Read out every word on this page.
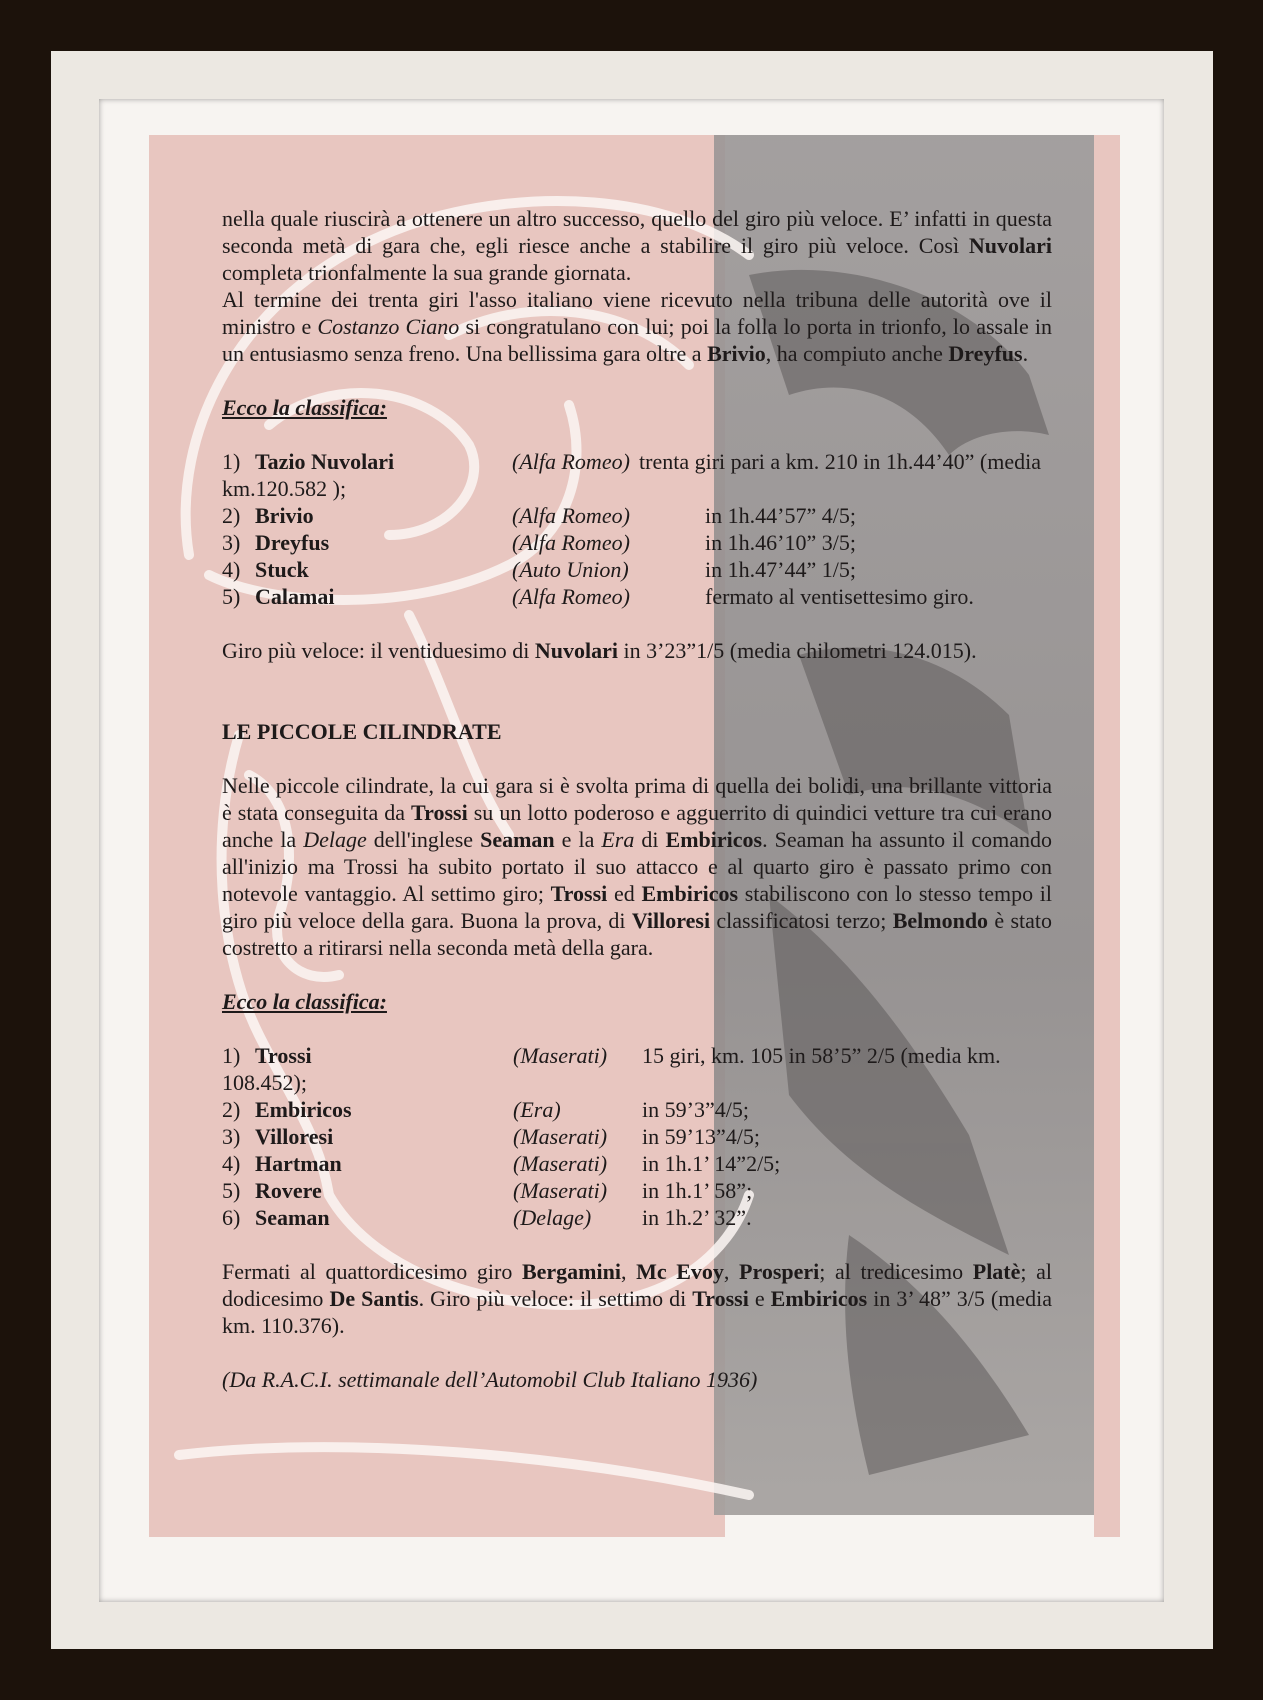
nella quale riuscirà a ottenere un altro successo, quello del giro più veloce. E’ infatti in questa seconda metà di gara che, egli riesce anche a stabilire il giro più veloce. Così Nuvolari completa trionfalmente la sua grande giornata.

Al termine dei trenta giri l'asso italiano viene ricevuto nella tribuna delle autorità ove il ministro e Costanzo Ciano si congratulano con lui; poi la folla lo porta in trionfo, lo assale in un entusiasmo senza freno. Una bellissima gara oltre a Brivio, ha compiuto anche Dreyfus.

Ecco la classifica:

1) Tazio Nuvolari	(Alfa Romeo) trenta giri pari a km. 210 in 1h.44’40” (media
km.120.582 );
2) Brivio	(Alfa Romeo)	in 1h.44’57” 4/5;
3) Dreyfus	(Alfa Romeo)	in 1h.46’10” 3/5;
4) Stuck	(Auto Union)	in 1h.47’44” 1/5;
5) Calamai	(Alfa Romeo)	fermato al ventisettesimo giro.

Giro più veloce: il ventiduesimo di Nuvolari in 3’23”1/5 (media chilometri 124.015).

LE PICCOLE CILINDRATE

Nelle piccole cilindrate, la cui gara si è svolta prima di quella dei bolidi, una brillante vittoria è stata conseguita da Trossi su un lotto poderoso e agguerrito di quindici vetture tra cui erano anche la Delage dell'inglese Seaman e la Era di Embiricos. Seaman ha assunto il comando all'inizio ma Trossi ha subito portato il suo attacco e al quarto giro è passato primo con notevole vantaggio. Al settimo giro; Trossi ed Embiricos stabiliscono con lo stesso tempo il giro più veloce della gara. Buona la prova, di Villoresi classificatosi terzo; Belmondo è stato costretto a ritirarsi nella seconda metà della gara.

Ecco la classifica:

1) Trossi	(Maserati)	15 giri, km. 105 in 58’5” 2/5 (media km.
108.452);
2) Embiricos	(Era)	in 59’3”4/5;
3) Villoresi	(Maserati)	in 59’13”4/5;
4) Hartman	(Maserati)	in 1h.1’ 14”2/5;
5) Rovere	(Maserati)	in 1h.1’ 58”;
6) Seaman	(Delage)	in 1h.2’ 32”.

Fermati al quattordicesimo giro Bergamini, Mc Evoy, Prosperi; al tredicesimo Platè; al dodicesimo De Santis. Giro più veloce: il settimo di Trossi e Embiricos in 3’ 48” 3/5 (media km. 110.376).

(Da R.A.C.I. settimanale dell’Automobil Club Italiano 1936)
